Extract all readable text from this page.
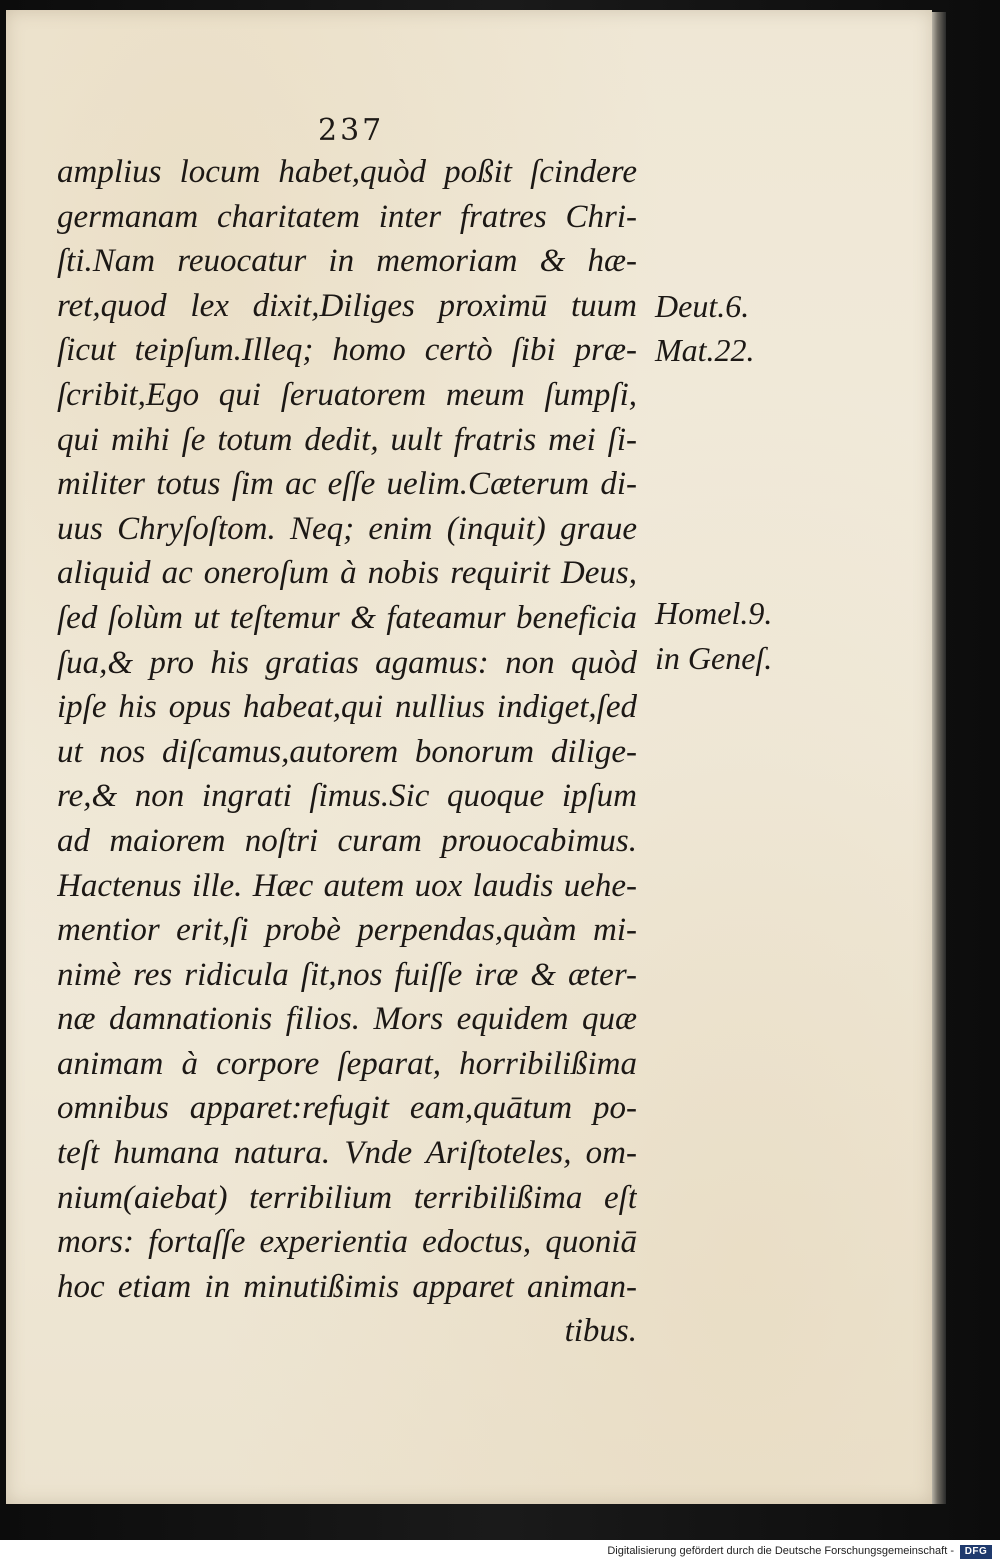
237
amplius locum habet,quòd poßit ſcindere
germanam charitatem inter fratres Chri-
ſti.Nam reuocatur in memoriam & hæ-
ret,quod lex dixit,Diliges proximū tuum
ſicut teipſum.Illeq; homo certò ſibi præ-
ſcribit,Ego qui ſeruatorem meum ſumpſi,
qui mihi ſe totum dedit, uult fratris mei ſi-
militer totus ſim ac eſſe uelim.Cæterum di-
uus Chryſoſtom. Neq; enim (inquit) graue
aliquid ac oneroſum à nobis requirit Deus,
ſed ſolùm ut teſtemur & fateamur beneficia
ſua,& pro his gratias agamus: non quòd
ipſe his opus habeat,qui nullius indiget,ſed
ut nos diſcamus,autorem bonorum dilige-
re,& non ingrati ſimus.Sic quoque ipſum
ad maiorem noſtri curam prouocabimus.
Hactenus ille. Hæc autem uox laudis uehe-
mentior erit,ſi probè perpendas,quàm mi-
nimè res ridicula ſit,nos fuiſſe iræ & æter-
næ damnationis filios. Mors equidem quæ
animam à corpore ſeparat, horribilißima
omnibus apparet:refugit eam,quātum po-
teſt humana natura. Vnde Ariſtoteles, om-
nium(aiebat) terribilium terribilißima eſt
mors: fortaſſe experientia edoctus, quoniā
hoc etiam in minutißimis apparet animan-
tibus.
Deut.6.
Mat.22.
Homel.9.
in Geneſ.
Digitalisierung gefördert durch die Deutsche Forschungsgemeinschaft -	DFG
